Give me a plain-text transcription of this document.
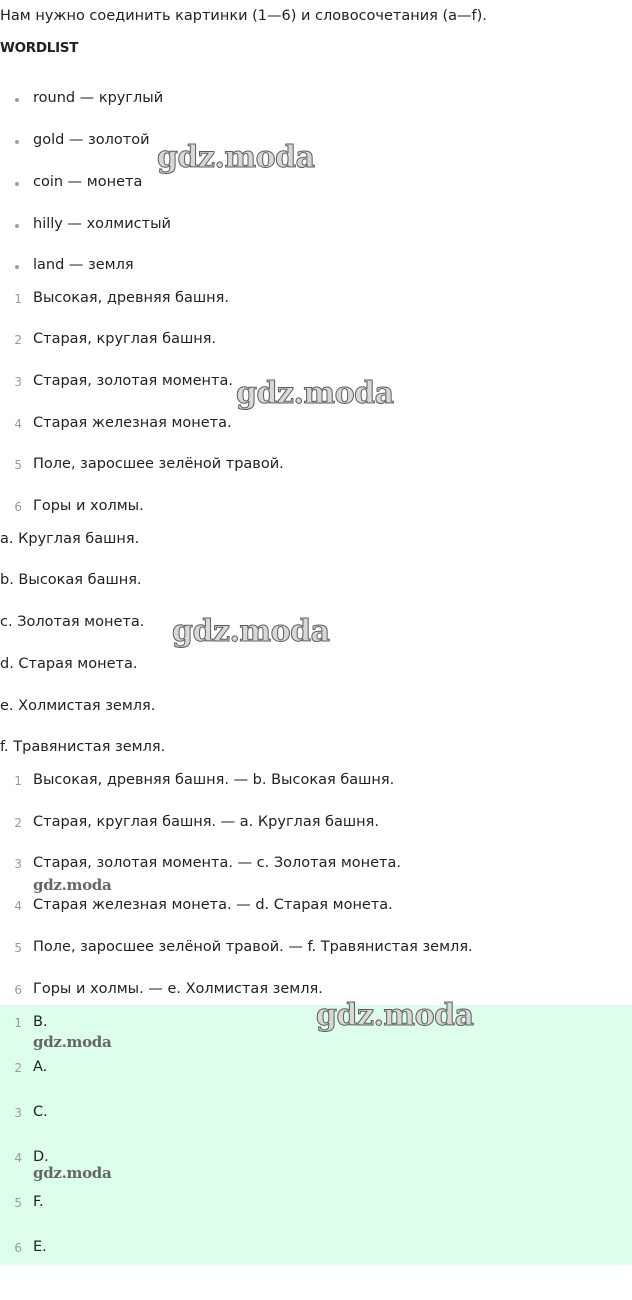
Нам нужно соединить картинки (1—6) и словосочетания (a—f).

WORDLIST

round — круглый
gold — золотой
coin — монета
hilly — холмистый
land — земля
1 Высокая, древняя башня.
2 Старая, круглая башня.
3 Старая, золотая моментa.
4 Старая железная монета.
5 Поле, заросшее зелёной травой.
6 Горы и холмы.
a. Круглая башня.
b. Высокая башня.
c. Золотая монета.
d. Старая монета.
e. Холмистая земля.
f. Травянистая земля.
1 Высокая, древняя башня. — b. Высокая башня.
2 Старая, круглая башня. — a. Круглая башня.
3 Старая, золотая моментa. — c. Золотая монета.
4 Старая железная монета. — d. Старая монета.
5 Поле, заросшее зелёной травой. — f. Травянистая земля.
6 Горы и холмы. — e. Холмистая земля.
1 B.
2 A.
3 C.
4 D.
5 F.
6 E.
gdz.moda
gdz.moda
gdz.moda
gdz.moda
gdz.moda
gdz.moda
gdz.moda
